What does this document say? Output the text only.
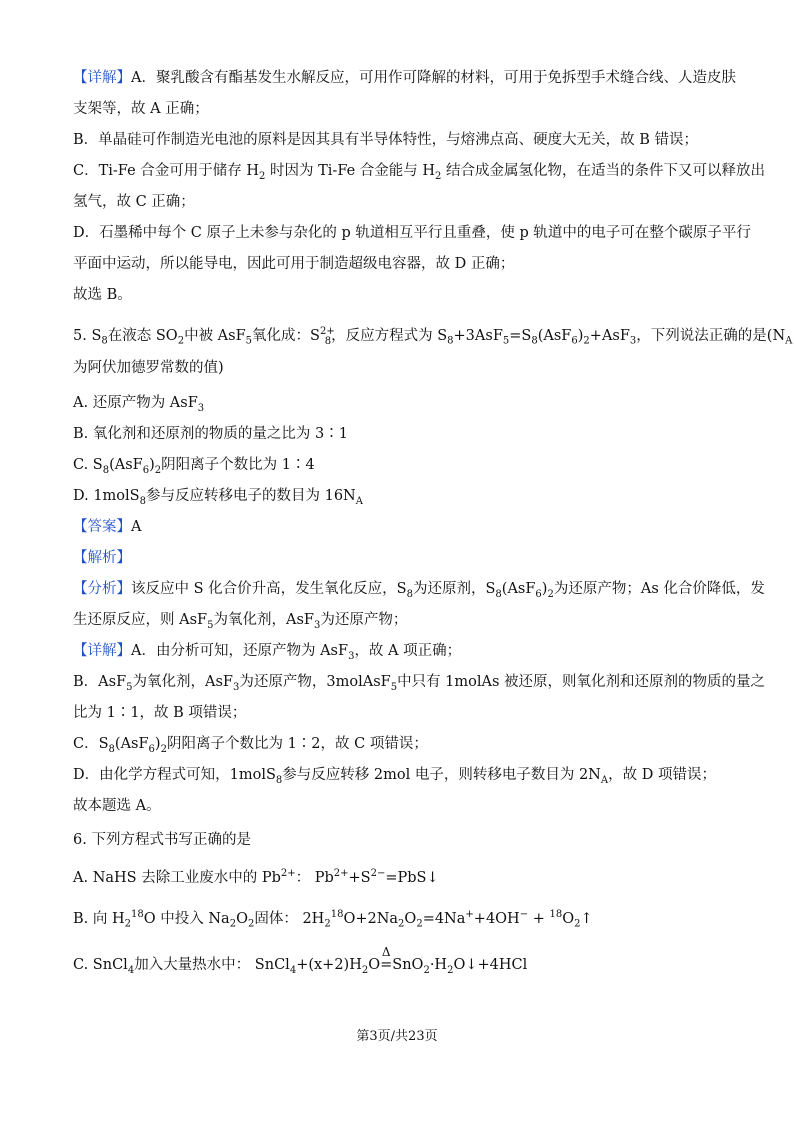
【详解】A．聚乳酸含有酯基发生水解反应，可用作可降解的材料，可用于免拆型手术缝合线、人造皮肤
支架等，故 A 正确；
B．单晶硅可作制造光电池的原料是因其具有半导体特性，与熔沸点高、硬度大无关，故 B 错误；
C．Ti-Fe 合金可用于储存 $H_2$ 时因为 Ti-Fe 合金能与 $H_2$ 结合成金属氢化物，在适当的条件下又可以释放出
氢气，故 C 正确；
D．石墨稀中每个 C 原子上未参与杂化的 p 轨道相互平行且重叠，使 p 轨道中的电子可在整个碳原子平行
平面中运动，所以能导电，因此可用于制造超级电容器，故 D 正确；
故选 B。
5. $S_8$在液态 $SO_2$中被 AsF$_5$氧化成：$S^{2+}_8$，反应方程式为 $S_8+3AsF_5=S_8(AsF_6)_2+AsF_3$，下列说法正确的是($N_A$
为阿伏加德罗常数的值)
A. 还原产物为 AsF$_3$
B. 氧化剂和还原剂的物质的量之比为 3∶1
C. $S_8(AsF_6)_2$阴阳离子个数比为 1∶4
D. 1molS$_8$参与反应转移电子的数目为 $16N_A$
【答案】A
【解析】
【分析】该反应中 S 化合价升高，发生氧化反应，$S_8$为还原剂，$S_8(AsF_6)_2$为还原产物；As 化合价降低，发
生还原反应，则 AsF$_5$为氧化剂，AsF$_3$为还原产物；
【详解】A．由分析可知，还原产物为 AsF$_3$，故 A 项正确；
B．AsF$_5$为氧化剂，AsF$_3$为还原产物，3molAsF$_5$中只有 1molAs 被还原，则氧化剂和还原剂的物质的量之
比为 1∶1，故 B 项错误；
C．$S_8(AsF_6)_2$阴阳离子个数比为 1∶2，故 C 项错误；
D．由化学方程式可知，1molS$_8$参与反应转移 2mol 电子，则转移电子数目为 $2N_A$，故 D 项错误；
故本题选 A。
6. 下列方程式书写正确的是
A. NaHS 去除工业废水中的 $Pb^{2+}$： $Pb^{2+}+S^{2-}=PbS↓$
B. 向 $H_2^{18}O$ 中投入 $Na_2O_2$固体： $2H_2^{18}O+2Na_2O_2=4Na^++4OH^-$ + $^{18}O_2↑$
C. SnCl$_4$加入大量热水中： $SnCl_4+(x+2)H_2O$
Δ
$=SnO_2\cdot H_2O↓+4HCl$
第3页/共23页
